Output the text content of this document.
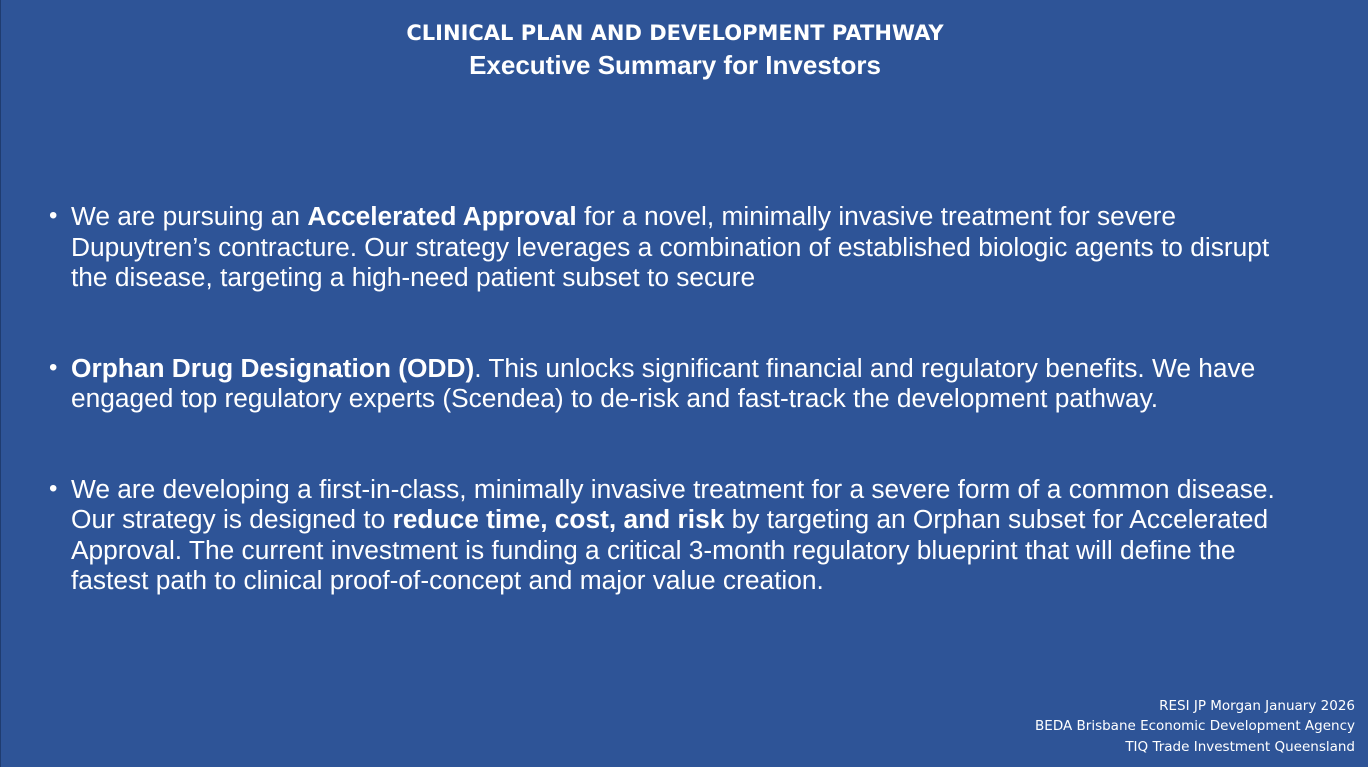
CLINICAL PLAN AND DEVELOPMENT PATHWAY
Executive Summary for Investors
• We are pursuing an Accelerated Approval for a novel, minimally invasive treatment for severe Dupuytren’s contracture. Our strategy leverages a combination of established biologic agents to disrupt the disease, targeting a high-need patient subset to secure
• Orphan Drug Designation (ODD). This unlocks significant financial and regulatory benefits. We have engaged top regulatory experts (Scendea) to de-risk and fast-track the development pathway.
• We are developing a first-in-class, minimally invasive treatment for a severe form of a common disease. Our strategy is designed to reduce time, cost, and risk by targeting an Orphan subset for Accelerated Approval. The current investment is funding a critical 3-month regulatory blueprint that will define the fastest path to clinical proof-of-concept and major value creation.
RESI JP Morgan January 2026
BEDA Brisbane Economic Development Agency
TIQ Trade Investment Queensland
